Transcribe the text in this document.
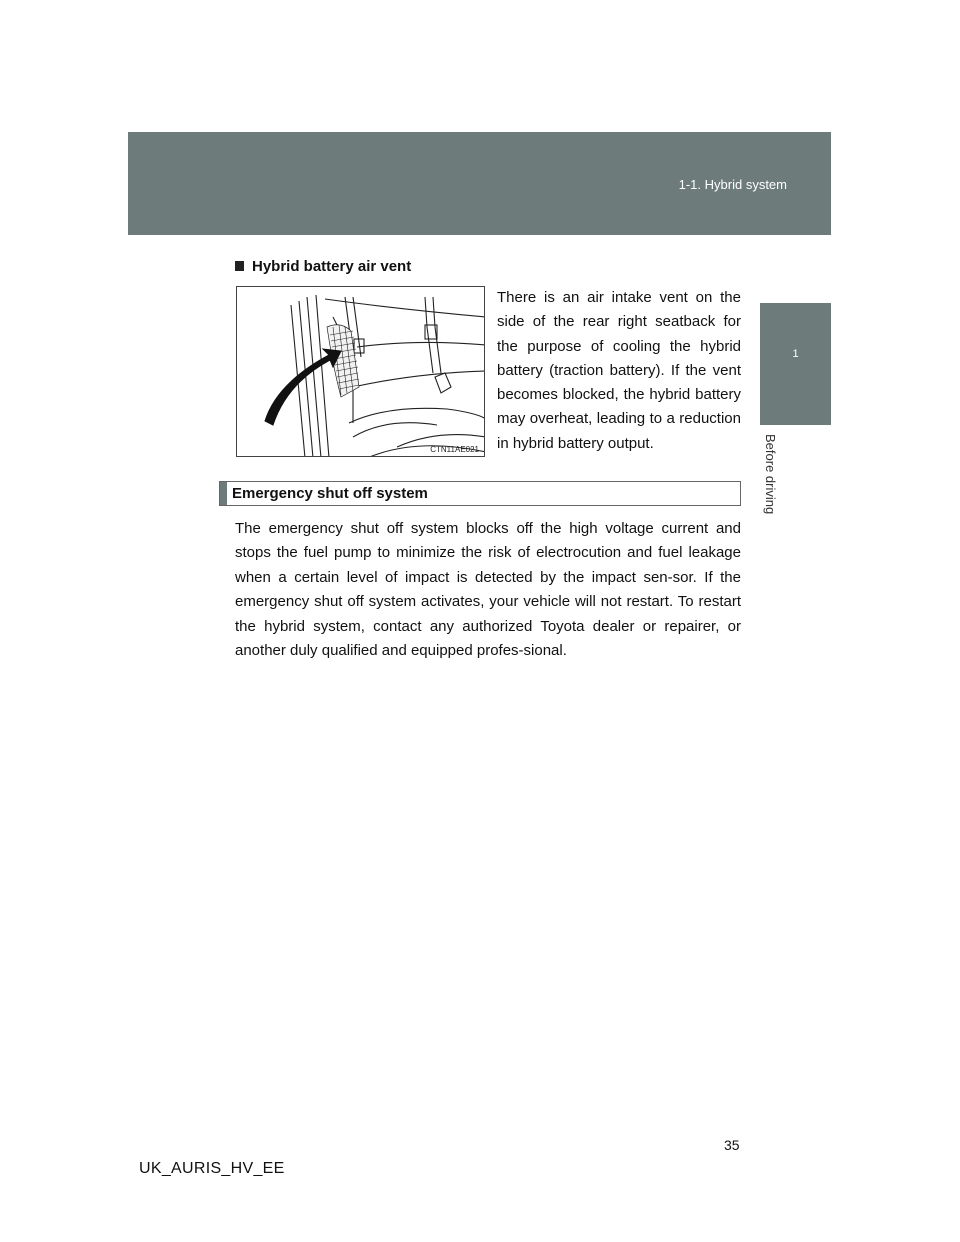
1-1. Hybrid system
1
Before driving
Hybrid battery air vent
CTN11AE021

There is an air intake vent on the side of the rear right seatback for the purpose of cooling the hybrid battery (traction battery). If the vent becomes blocked, the hybrid battery may overheat, leading to a reduction in hybrid battery output.

Emergency shut off system

The emergency shut off system blocks off the high voltage current and stops the fuel pump to minimize the risk of electrocution and fuel leakage when a certain level of impact is detected by the impact sen-sor. If the emergency shut off system activates, your vehicle will not restart. To restart the hybrid system, contact any authorized Toyota dealer or repairer, or another duly qualified and equipped profes-sional.

35
UK_AURIS_HV_EE
